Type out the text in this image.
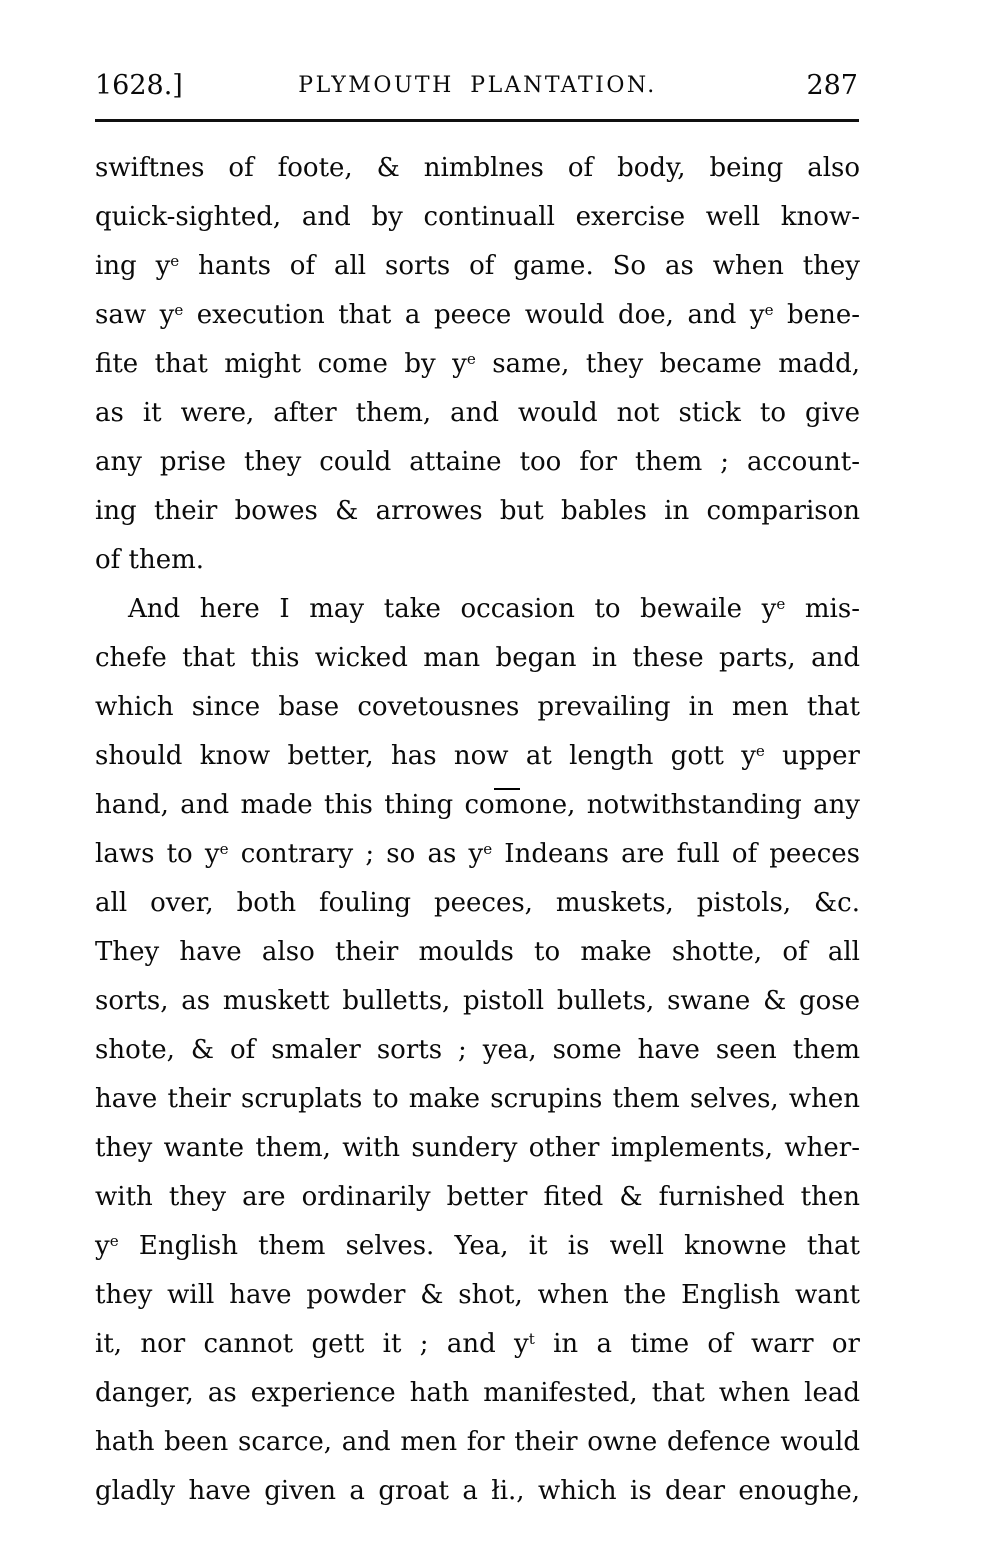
1628.]	PLYMOUTH PLANTATION.	287
swiftnes of foote, & nimblnes of body, being also
quick-sighted, and by continuall exercise well know-
ing $y^e$ hants of all sorts of game. So as when they
saw $y^e$ execution that a peece would doe, and $y^e$ bene-
fite that might come by $y^e$ same, they became madd,
as it were, after them, and would not stick to give
any prise they could attaine too for them ; account-
ing their bowes & arrowes but bables in comparison
of them.
And here I may take occasion to bewaile $y^e$ mis-
chefe that this wicked man began in these parts, and
which since base covetousnes prevailing in men that
should know better, has now at length gott $y^e$ upper
hand, and made this thing comone, notwithstanding any
laws to $y^e$ contrary ; so as $y^e$ Indeans are full of peeces
all over, both fouling peeces, muskets, pistols, &c.
They have also their moulds to make shotte, of all
sorts, as muskett bulletts, pistoll bullets, swane & gose
shote, & of smaler sorts ; yea, some have seen them
have their scruplats to make scrupins them selves, when
they wante them, with sundery other implements, wher-
with they are ordinarily better fited & furnished then
$y^e$ English them selves. Yea, it is well knowne that
they will have powder & shot, when the English want
it, nor cannot gett it ; and $y^t$ in a time of warr or
danger, as experience hath manifested, that when lead
hath been scarce, and men for their owne defence would
gladly have given a groat a łi., which is dear enoughe,
